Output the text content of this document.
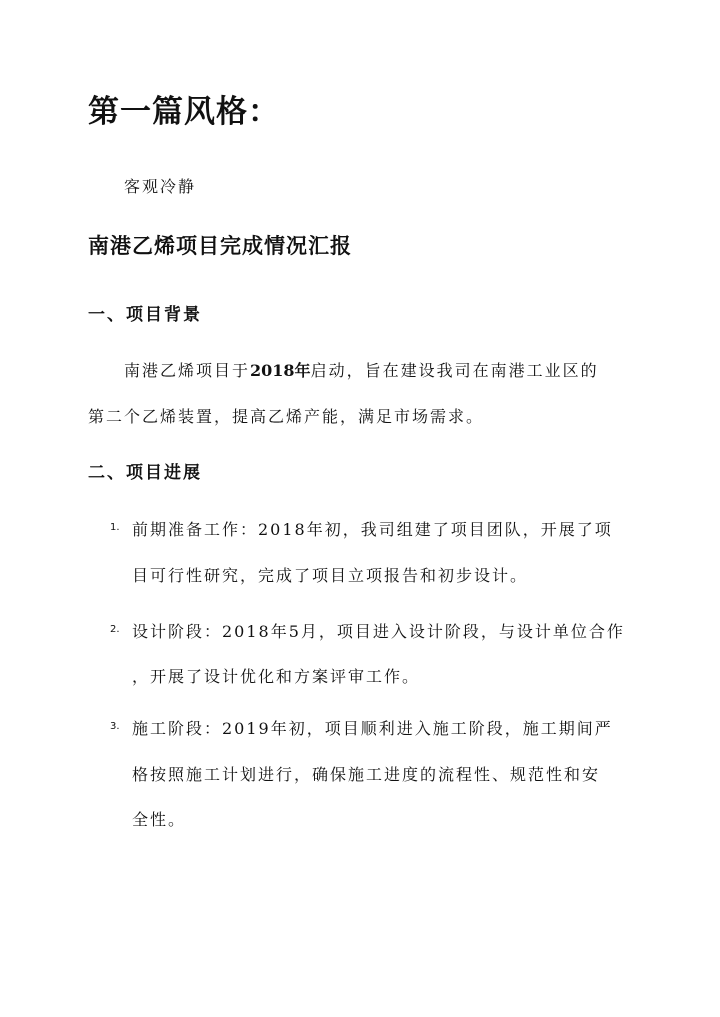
第一篇风格：
客观冷静
南港乙烯项目完成情况汇报
一、项目背景
南港乙烯项目于2018年启动，旨在建设我司在南港工业区的
第二个乙烯装置，提高乙烯产能，满足市场需求。
二、项目进展
1. 前期准备工作：2018年初，我司组建了项目团队，开展了项
目可行性研究，完成了项目立项报告和初步设计。
2. 设计阶段：2018年5月，项目进入设计阶段，与设计单位合作
，开展了设计优化和方案评审工作。
3. 施工阶段：2019年初，项目顺利进入施工阶段，施工期间严
格按照施工计划进行，确保施工进度的流程性、规范性和安
全性。
